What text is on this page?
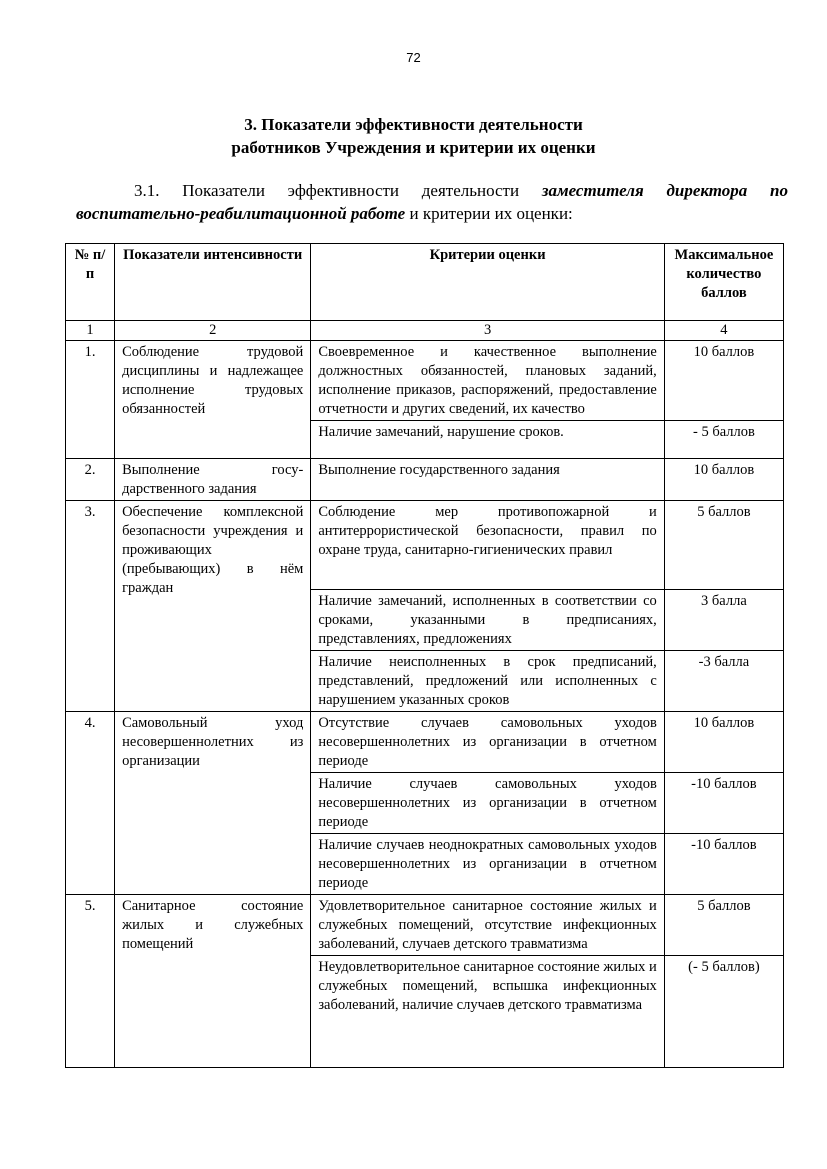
72
3. Показатели эффективности деятельности
работников Учреждения и критерии их оценки
3.1. Показатели эффективности деятельности заместителя директора по воспитательно-реабилитационной работе и критерии их оценки:
№ п/п	Показатели интенсивности	Критерии оценки	Максимальное количество баллов
1	2	3	4
1.	Соблюдение трудовой дисциплины и надлежащее исполнение трудовых обязанностей	Своевременное и качественное выполнение должностных обязанностей, плановых заданий, исполнение приказов, распоряжений, предоставление отчетности и других сведений, их качество	10 баллов
		Наличие замечаний, нарушение сроков.	- 5 баллов
2.	Выполнение госу-дарственного задания	Выполнение государственного задания	10 баллов
3.	Обеспечение комплексной безопасности учреждения и проживающих (пребывающих) в нём граждан	Соблюдение мер противопожарной и антитеррористической безопасности, правил по охране труда, санитарно-гигиенических правил	5 баллов
		Наличие замечаний, исполненных в соответствии со сроками, указанными в предписаниях, представлениях, предложениях	3 балла
		Наличие неисполненных в срок предписаний, представлений, предложений или исполненных с нарушением указанных сроков	-3 балла
4.	Самовольный уход несовершеннолетних из организации	Отсутствие случаев самовольных уходов несовершеннолетних из организации в отчетном периоде	10 баллов
		Наличие случаев самовольных уходов несовершеннолетних из организации в отчетном периоде	-10 баллов
		Наличие случаев неоднократных самовольных уходов несовершеннолетних из организации в отчетном периоде	-10 баллов
5.	Санитарное состояние жилых и служебных помещений	Удовлетворительное санитарное состояние жилых и служебных помещений, отсутствие инфекционных заболеваний, случаев детского травматизма	5 баллов
		Неудовлетворительное санитарное состояние жилых и служебных помещений, вспышка инфекционных заболеваний, наличие случаев детского травматизма	(- 5 баллов)
